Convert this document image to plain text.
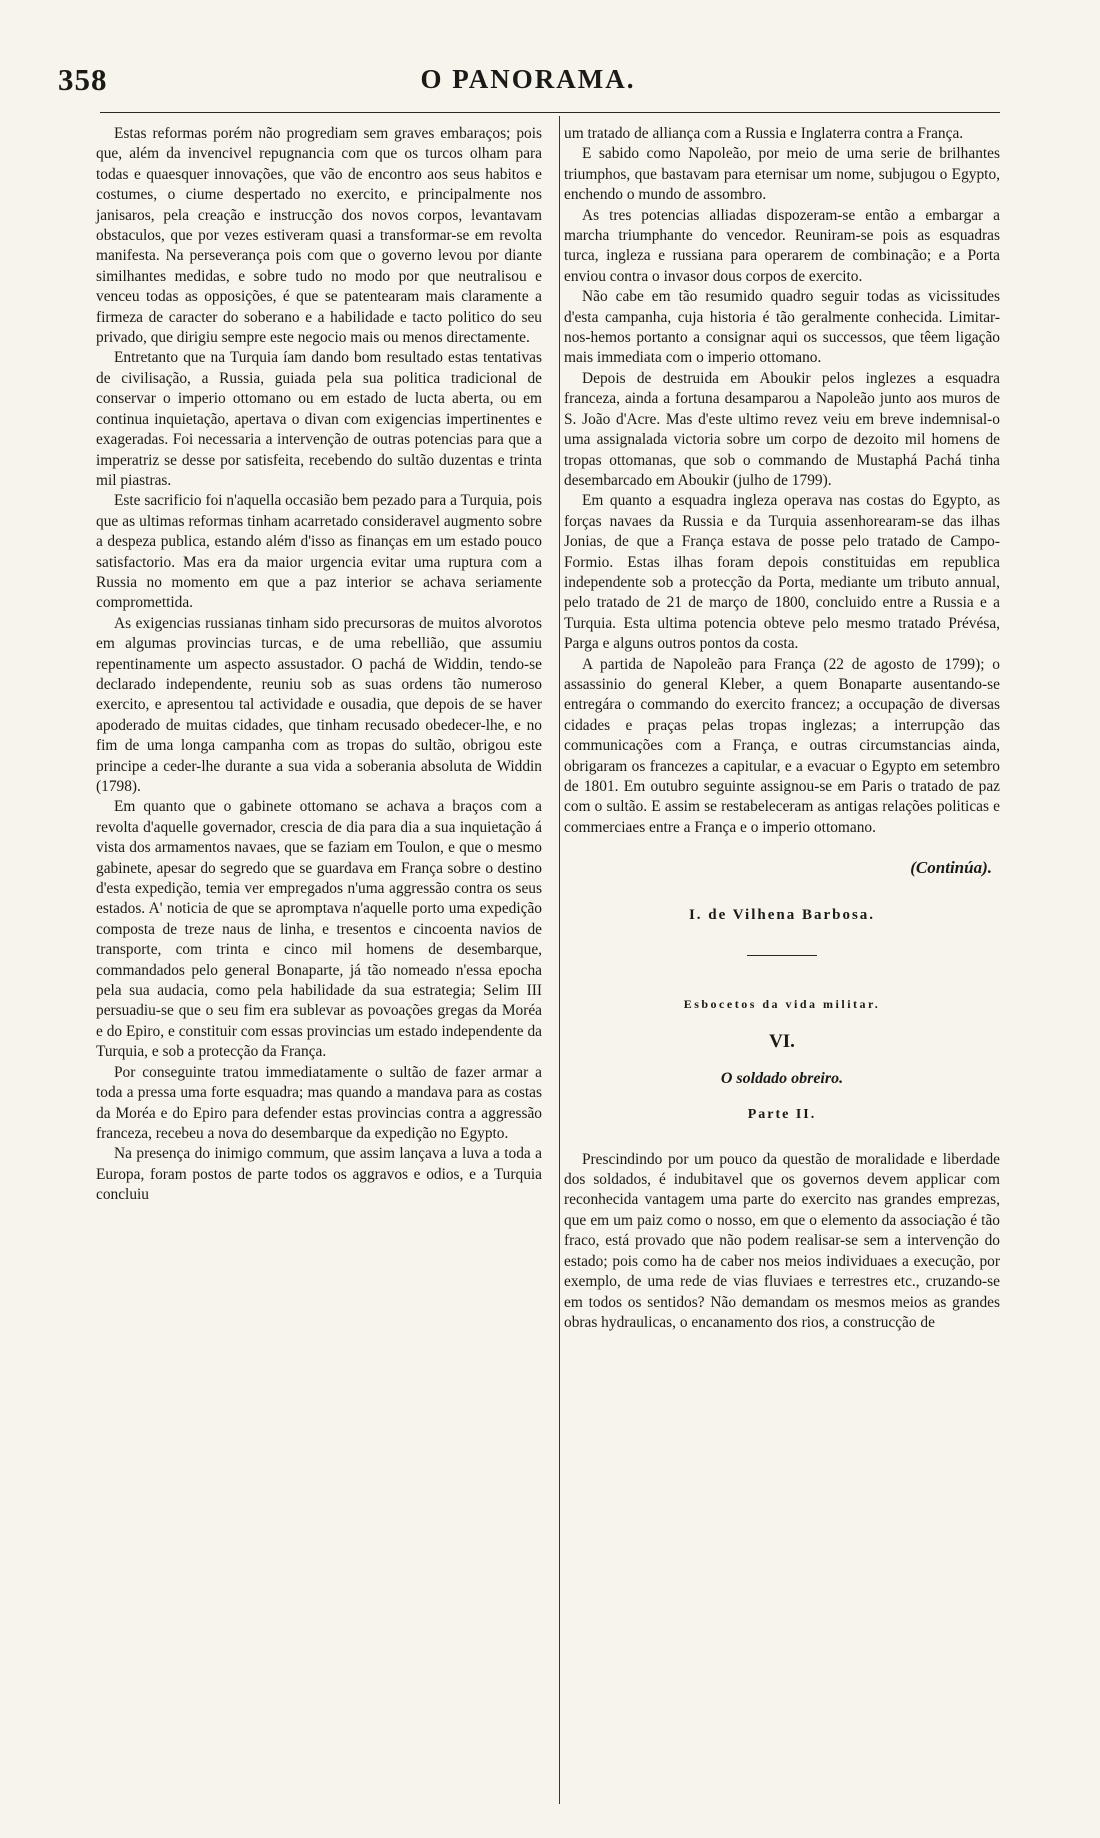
358	O PANORAMA.

Estas reformas porém não progrediam sem graves embaraços; pois que, além da invencivel repugnancia com que os turcos olham para todas e quaesquer innovações, que vão de encontro aos seus habitos e costumes, o ciume despertado no exercito, e principalmente nos janisaros, pela creação e instrucção dos novos corpos, levantavam obstaculos, que por vezes estiveram quasi a transformar-se em revolta manifesta. Na perseverança pois com que o governo levou por diante similhantes medidas, e sobre tudo no modo por que neutralisou e venceu todas as opposições, é que se patentearam mais claramente a firmeza de caracter do soberano e a habilidade e tacto politico do seu privado, que dirigiu sempre este negocio mais ou menos directamente.

Entretanto que na Turquia íam dando bom resultado estas tentativas de civilisação, a Russia, guiada pela sua politica tradicional de conservar o imperio ottomano ou em estado de lucta aberta, ou em continua inquietação, apertava o divan com exigencias impertinentes e exageradas. Foi necessaria a intervenção de outras potencias para que a imperatriz se desse por satisfeita, recebendo do sultão duzentas e trinta mil piastras.

Este sacrificio foi n'aquella occasião bem pezado para a Turquia, pois que as ultimas reformas tinham acarretado consideravel augmento sobre a despeza publica, estando além d'isso as finanças em um estado pouco satisfactorio. Mas era da maior urgencia evitar uma ruptura com a Russia no momento em que a paz interior se achava seriamente compromettida.

As exigencias russianas tinham sido precursoras de muitos alvorotos em algumas provincias turcas, e de uma rebellião, que assumiu repentinamente um aspecto assustador. O pachá de Widdin, tendo-se declarado independente, reuniu sob as suas ordens tão numeroso exercito, e apresentou tal actividade e ousadia, que depois de se haver apoderado de muitas cidades, que tinham recusado obedecer-lhe, e no fim de uma longa campanha com as tropas do sultão, obrigou este principe a ceder-lhe durante a sua vida a soberania absoluta de Widdin (1798).

Em quanto que o gabinete ottomano se achava a braços com a revolta d'aquelle governador, crescia de dia para dia a sua inquietação á vista dos armamentos navaes, que se faziam em Toulon, e que o mesmo gabinete, apesar do segredo que se guardava em França sobre o destino d'esta expedição, temia ver empregados n'uma aggressão contra os seus estados. A' noticia de que se apromptava n'aquelle porto uma expedição composta de treze naus de linha, e tresentos e cincoenta navios de transporte, com trinta e cinco mil homens de desembarque, commandados pelo general Bonaparte, já tão nomeado n'essa epocha pela sua audacia, como pela habilidade da sua estrategia; Selim III persuadiu-se que o seu fim era sublevar as povoações gregas da Moréa e do Epiro, e constituir com essas provincias um estado independente da Turquia, e sob a protecção da França.

Por conseguinte tratou immediatamente o sultão de fazer armar a toda a pressa uma forte esquadra; mas quando a mandava para as costas da Moréa e do Epiro para defender estas provincias contra a aggressão franceza, recebeu a nova do desembarque da expedição no Egypto.

Na presença do inimigo commum, que assim lançava a luva a toda a Europa, foram postos de parte todos os aggravos e odios, e a Turquia concluiu

um tratado de alliança com a Russia e Inglaterra contra a França.

E sabido como Napoleão, por meio de uma serie de brilhantes triumphos, que bastavam para eternisar um nome, subjugou o Egypto, enchendo o mundo de assombro.

As tres potencias alliadas dispozeram-se então a embargar a marcha triumphante do vencedor. Reuniram-se pois as esquadras turca, ingleza e russiana para operarem de combinação; e a Porta enviou contra o invasor dous corpos de exercito.

Não cabe em tão resumido quadro seguir todas as vicissitudes d'esta campanha, cuja historia é tão geralmente conhecida. Limitar-nos-hemos portanto a consignar aqui os successos, que têem ligação mais immediata com o imperio ottomano.

Depois de destruida em Aboukir pelos inglezes a esquadra franceza, ainda a fortuna desamparou a Napoleão junto aos muros de S. João d'Acre. Mas d'este ultimo revez veiu em breve indemnisal-o uma assignalada victoria sobre um corpo de dezoito mil homens de tropas ottomanas, que sob o commando de Mustaphá Pachá tinha desembarcado em Aboukir (julho de 1799).

Em quanto a esquadra ingleza operava nas costas do Egypto, as forças navaes da Russia e da Turquia assenhorearam-se das ilhas Jonias, de que a França estava de posse pelo tratado de Campo-Formio. Estas ilhas foram depois constituidas em republica independente sob a protecção da Porta, mediante um tributo annual, pelo tratado de 21 de março de 1800, concluido entre a Russia e a Turquia. Esta ultima potencia obteve pelo mesmo tratado Prévésa, Parga e alguns outros pontos da costa.

A partida de Napoleão para França (22 de agosto de 1799); o assassinio do general Kleber, a quem Bonaparte ausentando-se entregára o commando do exercito francez; a occupação de diversas cidades e praças pelas tropas inglezas; a interrupção das communicações com a França, e outras circumstancias ainda, obrigaram os francezes a capitular, e a evacuar o Egypto em setembro de 1801. Em outubro seguinte assignou-se em Paris o tratado de paz com o sultão. E assim se restabeleceram as antigas relações politicas e commerciaes entre a França e o imperio ottomano.

(Continúa).
I. de Vilhena Barbosa.
Esbocetos da vida militar.
VI.
O soldado obreiro.
Parte II.

Prescindindo por um pouco da questão de moralidade e liberdade dos soldados, é indubitavel que os governos devem applicar com reconhecida vantagem uma parte do exercito nas grandes emprezas, que em um paiz como o nosso, em que o elemento da associação é tão fraco, está provado que não podem realisar-se sem a intervenção do estado; pois como ha de caber nos meios individuaes a execução, por exemplo, de uma rede de vias fluviaes e terrestres etc., cruzando-se em todos os sentidos? Não demandam os mesmos meios as grandes obras hydraulicas, o encanamento dos rios, a construcção de
